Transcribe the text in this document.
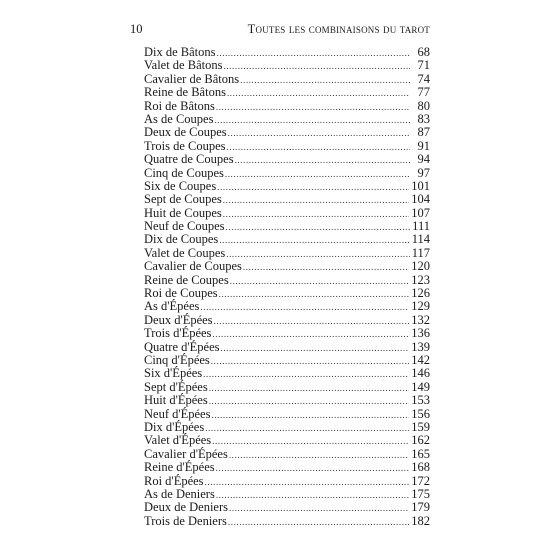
10	Toutes les combinaisons du tarot
Dix de Bâtons .....	68
Valet de Bâtons .....	71
Cavalier de Bâtons .....	74
Reine de Bâtons .....	77
Roi de Bâtons .....	80
As de Coupes .....	83
Deux de Coupes .....	87
Trois de Coupes .....	91
Quatre de Coupes .....	94
Cinq de Coupes .....	97
Six de Coupes .....	101
Sept de Coupes .....	104
Huit de Coupes .....	107
Neuf de Coupes .....	111
Dix de Coupes .....	114
Valet de Coupes .....	117
Cavalier de Coupes .....	120
Reine de Coupes .....	123
Roi de Coupes .....	126
As d'Épées .....	129
Deux d'Épées .....	132
Trois d'Épées .....	136
Quatre d'Épées .....	139
Cinq d'Épées .....	142
Six d'Épées .....	146
Sept d'Épées .....	149
Huit d'Épées .....	153
Neuf d'Épées .....	156
Dix d'Épées .....	159
Valet d'Épées .....	162
Cavalier d'Épées .....	165
Reine d'Épées .....	168
Roi d'Épées .....	172
As de Deniers .....	175
Deux de Deniers .....	179
Trois de Deniers .....	182
